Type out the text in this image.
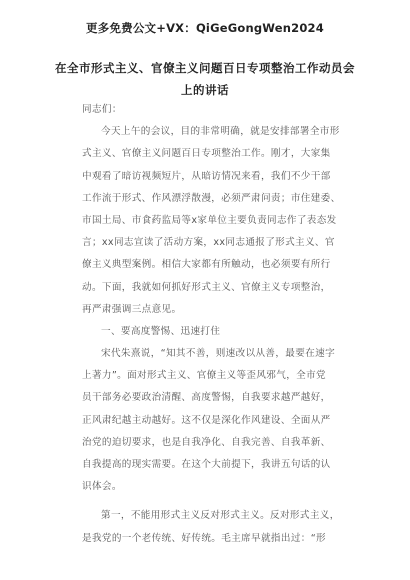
更多免费公文+VX：QiGeGongWen2024
在全市形式主义、官僚主义问题百日专项整治工作动员会
上的讲话
同志们：
今天上午的会议，目的非常明确，就是安排部署全市形
式主义、官僚主义问题百日专项整治工作。刚才，大家集
中观看了暗访视频短片，从暗访情况来看，我们不少干部
工作流于形式、作风漂浮散漫，必须严肃问责；市住建委、
市国土局、市食药监局等x家单位主要负责同志作了表态发
言；xx同志宣读了活动方案，xx同志通报了形式主义、官
僚主义典型案例。相信大家都有所触动，也必须要有所行
动。下面，我就如何抓好形式主义、官僚主义专项整治，
再严肃强调三点意见。
一、要高度警惕、迅速打住
宋代朱熹说，“知其不善，则速改以从善，最要在速字
上著力”。面对形式主义、官僚主义等歪风邪气，全市党
员干部务必要政治清醒、高度警惕，自我要求越严越好，
正风肃纪越主动越好。这不仅是深化作风建设、全面从严
治党的迫切要求，也是自我净化、自我完善、自我革新、
自我提高的现实需要。在这个大前提下，我讲五句话的认
识体会。
第一，不能用形式主义反对形式主义。反对形式主义，
是我党的一个老传统、好传统。毛主席早就指出过：“形
